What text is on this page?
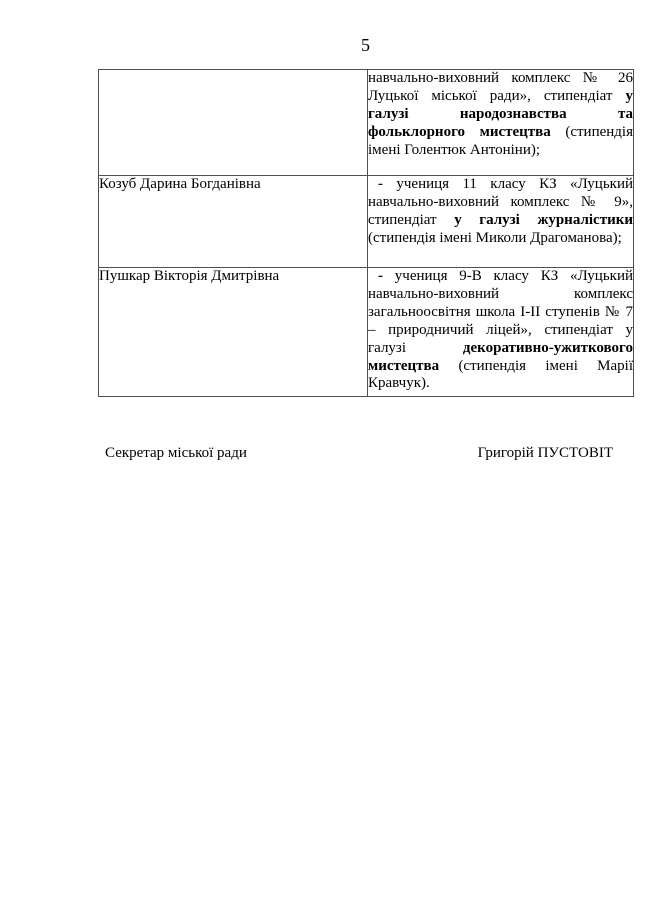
5

	навчально-виховний комплекс № 26 Луцької міської ради», стипендіат у галузі народознавства та фольклорного мистецтва (стипендія імені Голентюк Антоніни);

Козуб Дарина Богданівна	- учениця 11 класу КЗ «Луцький навчально-виховний комплекс № 9», стипендіат у галузі журналістики (стипендія імені Миколи Драгоманова);

Пушкар Вікторія Дмитрівна	- учениця 9-В класу КЗ «Луцький навчально-виховний комплекс загальноосвітня школа І-ІІ ступенів № 7 – природничий ліцей», стипендіат у галузі декоративно-ужиткового мистецтва (стипендія імені Марії Кравчук).

Секретар міської ради	Григорій ПУСТОВІТ
